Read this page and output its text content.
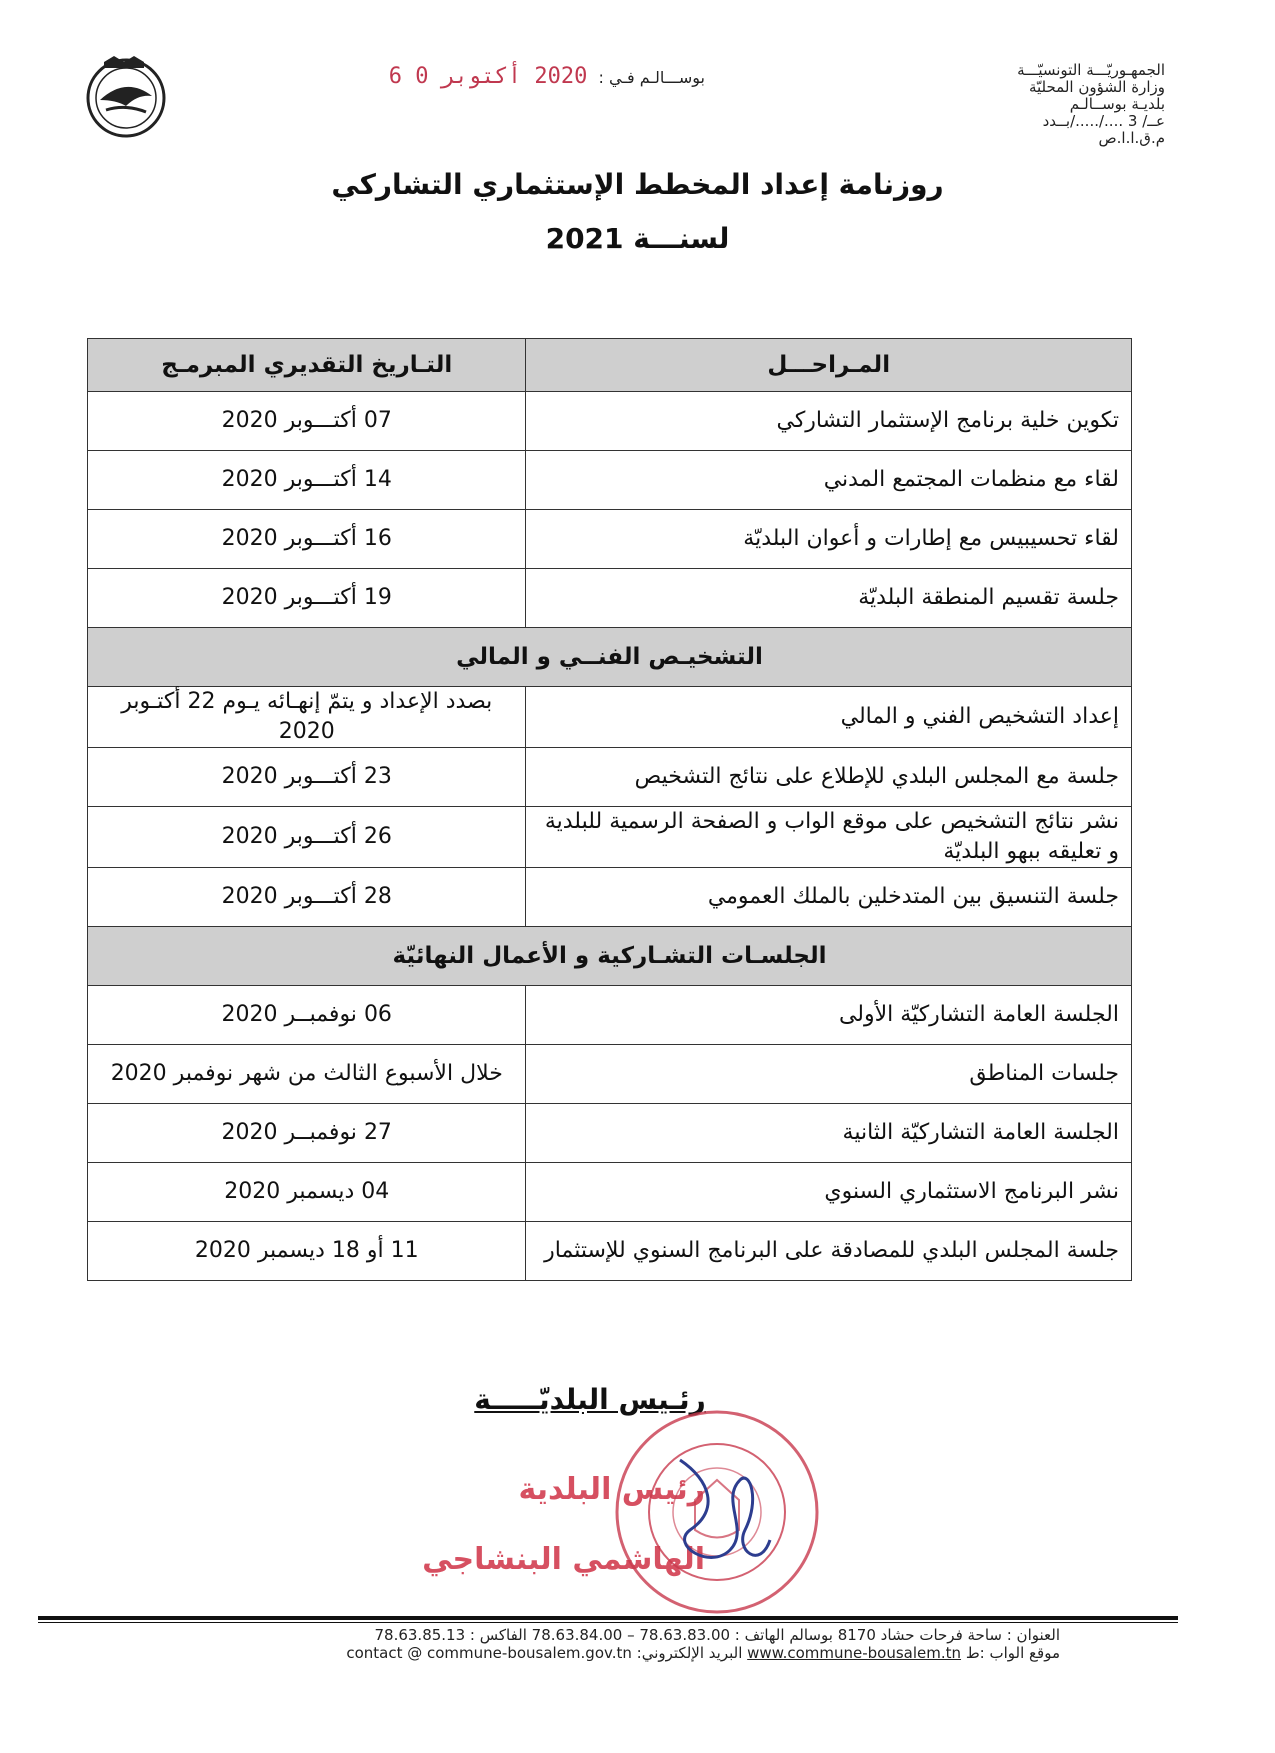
الجمهـوريّـــة التونسيّـــة
وزارة الشؤون المحليّة
بلديـة بوســالـم
عــ/ 3 ..../...../بــدد
م.ق.ا.ا.ص
بوســـالـم فـي : 2020 أكتوبر 0 6
روزنامة إعداد المخطط الإستثماري التشاركي
لسنـــة 2021
المـراحـــل	التـاريخ التقديري المبرمـج
تكوين خلية برنامج الإستثمار التشاركي	07 أكتـــوبر 2020
لقاء مع منظمات المجتمع المدني	14 أكتـــوبر 2020
لقاء تحسيبيس مع إطارات و أعوان البلديّة	16 أكتـــوبر 2020
جلسة تقسيم المنطقة البلديّة	19 أكتـــوبر 2020
التشخيـص الفنــي و المالي	
إعداد التشخيص الفني و المالي	بصدد الإعداد و يتمّ إنهـائه يـوم 22 أكتـوبر 2020
جلسة مع المجلس البلدي للإطلاع على نتائج التشخيص	23 أكتـــوبر 2020
نشر نتائج التشخيص على موقع الواب و الصفحة الرسمية للبلدية و تعليقه ببهو البلديّة	26 أكتـــوبر 2020
جلسة التنسيق بين المتدخلين بالملك العمومي	28 أكتـــوبر 2020
الجلسـات التشـاركية و الأعمال النهائيّة	
الجلسة العامة التشاركيّة الأولى	06 نوفمبــر 2020
جلسات المناطق	خلال الأسبوع الثالث من شهر نوفمبر 2020
الجلسة العامة التشاركيّة الثانية	27 نوفمبــر 2020
نشر البرنامج الاستثماري السنوي	04 ديسمبر 2020
جلسة المجلس البلدي للمصادقة على البرنامج السنوي للإستثمار	11 أو 18 ديسمبر 2020
رئـيس البلديّـــــة
رئيس البلدية
الهاشمي البنشاجي
العنوان : ساحة فرحات حشاد 8170 بوسالم الهاتف : 78.63.83.00 – 78.63.84.00 الفاكس : 78.63.85.13
موقع الواب :ط www.commune-bousalem.tn البريد الإلكتروني: contact @ commune-bousalem.gov.tn
